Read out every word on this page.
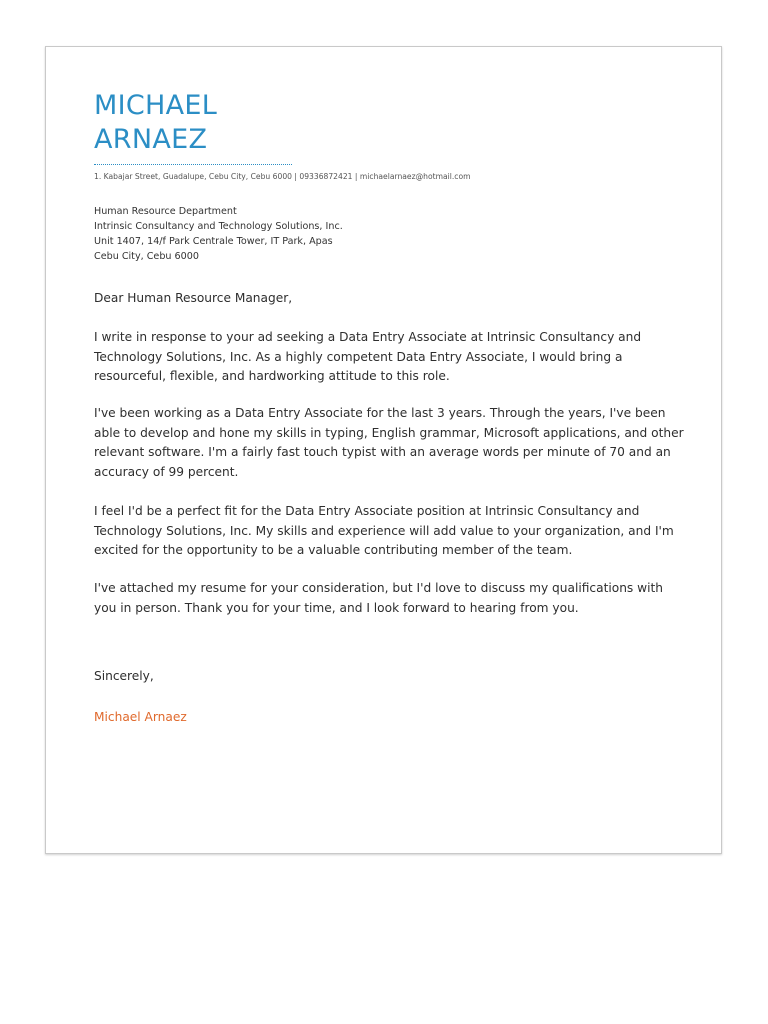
MICHAEL
ARNAEZ
1. Kabajar Street, Guadalupe, Cebu City, Cebu 6000 | 09336872421 | michaelarnaez@hotmail.com
Human Resource Department
Intrinsic Consultancy and Technology Solutions, Inc.
Unit 1407, 14/f Park Centrale Tower, IT Park, Apas
Cebu City, Cebu 6000

Dear Human Resource Manager,

I write in response to your ad seeking a Data Entry Associate at Intrinsic Consultancy and Technology Solutions, Inc. As a highly competent Data Entry Associate, I would bring a resourceful, flexible, and hardworking attitude to this role.

I've been working as a Data Entry Associate for the last 3 years. Through the years, I've been able to develop and hone my skills in typing, English grammar, Microsoft applications, and other relevant software. I'm a fairly fast touch typist with an average words per minute of 70 and an accuracy of 99 percent.

I feel I'd be a perfect fit for the Data Entry Associate position at Intrinsic Consultancy and Technology Solutions, Inc. My skills and experience will add value to your organization, and I'm excited for the opportunity to be a valuable contributing member of the team.

I've attached my resume for your consideration, but I'd love to discuss my qualifications with you in person. Thank you for your time, and I look forward to hearing from you.

Sincerely,

Michael Arnaez
